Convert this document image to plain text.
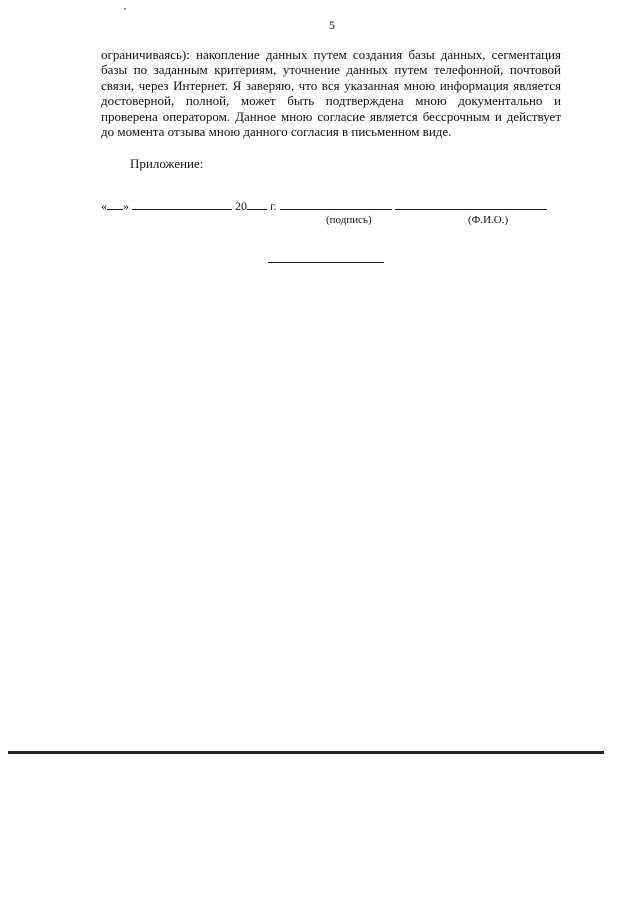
5

ограничиваясь): накопление данных путем создания базы данных, сегментация базы по заданным критериям, уточнение данных путем телефонной, почтовой связи, через Интернет. Я заверяю, что вся указанная мною информация является достоверной, полной, может быть подтверждена мною документально и проверена оператором. Данное мною согласие является бессрочным и действует до момента отзыва мною данного согласия в письменном виде.

Приложение:
« »	20 г.
(подпись)	(Ф.И.О.)
